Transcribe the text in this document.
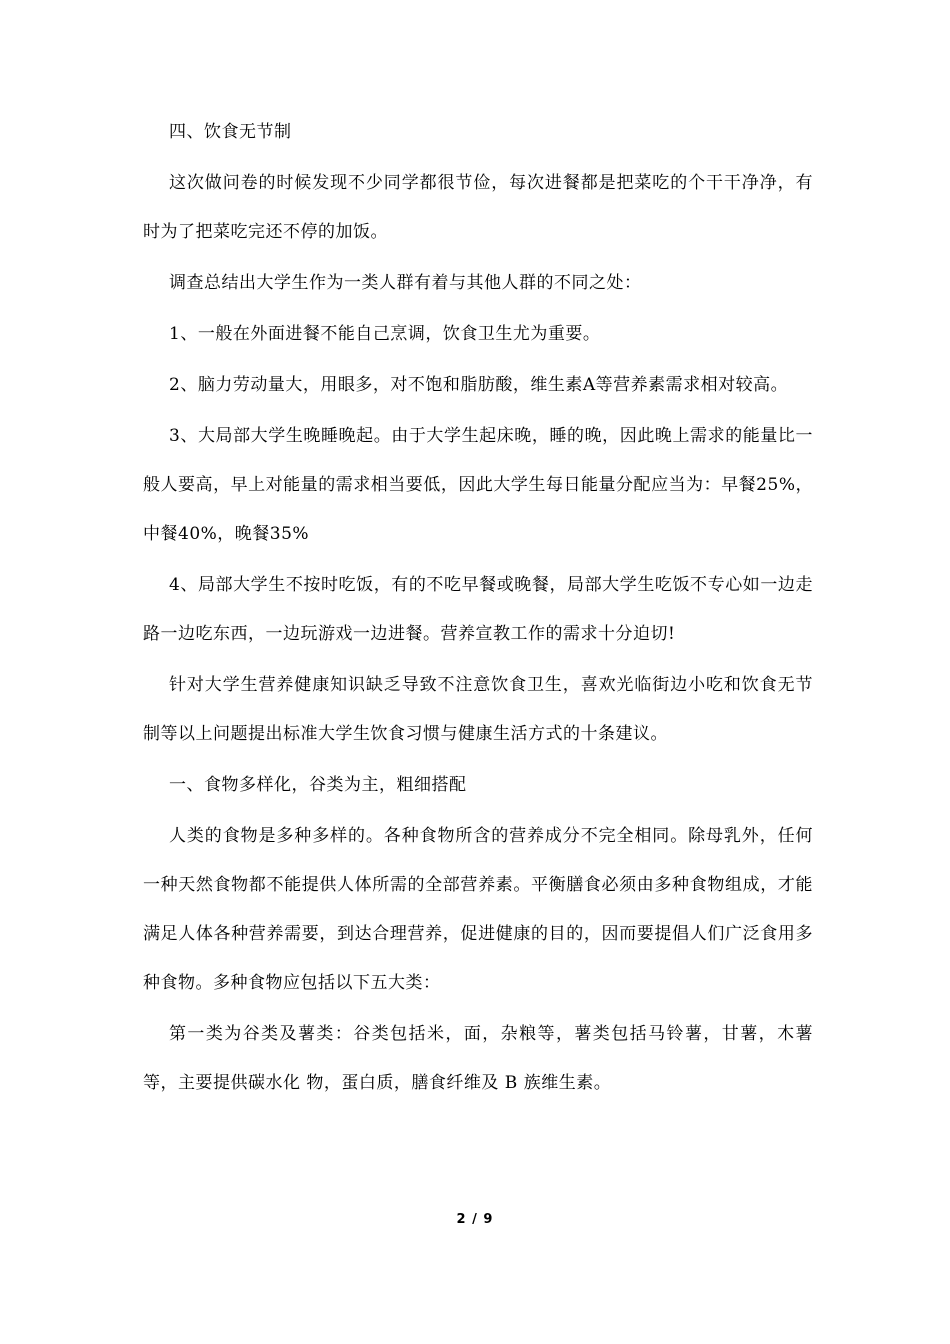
四、饮食无节制

这次做问卷的时候发现不少同学都很节俭，每次进餐都是把菜吃的个干干净净，有时为了把菜吃完还不停的加饭。

调查总结出大学生作为一类人群有着与其他人群的不同之处：

1、一般在外面进餐不能自己烹调，饮食卫生尤为重要。

2、脑力劳动量大，用眼多，对不饱和脂肪酸，维生素A等营养素需求相对较高。

3、大局部大学生晚睡晚起。由于大学生起床晚，睡的晚，因此晚上需求的能量比一般人要高，早上对能量的需求相当要低，因此大学生每日能量分配应当为：早餐25%，中餐40%，晚餐35%

4、局部大学生不按时吃饭，有的不吃早餐或晚餐，局部大学生吃饭不专心如一边走路一边吃东西，一边玩游戏一边进餐。营养宣教工作的需求十分迫切!

针对大学生营养健康知识缺乏导致不注意饮食卫生，喜欢光临街边小吃和饮食无节制等以上问题提出标准大学生饮食习惯与健康生活方式的十条建议。

一、食物多样化，谷类为主，粗细搭配

人类的食物是多种多样的。各种食物所含的营养成分不完全相同。除母乳外，任何一种天然食物都不能提供人体所需的全部营养素。平衡膳食必须由多种食物组成，才能满足人体各种营养需要，到达合理营养，促进健康的目的，因而要提倡人们广泛食用多种食物。多种食物应包括以下五大类：

第一类为谷类及薯类：谷类包括米，面，杂粮等，薯类包括马铃薯，甘薯，木薯等，主要提供碳水化 物，蛋白质，膳食纤维及 B 族维生素。

2 / 9
